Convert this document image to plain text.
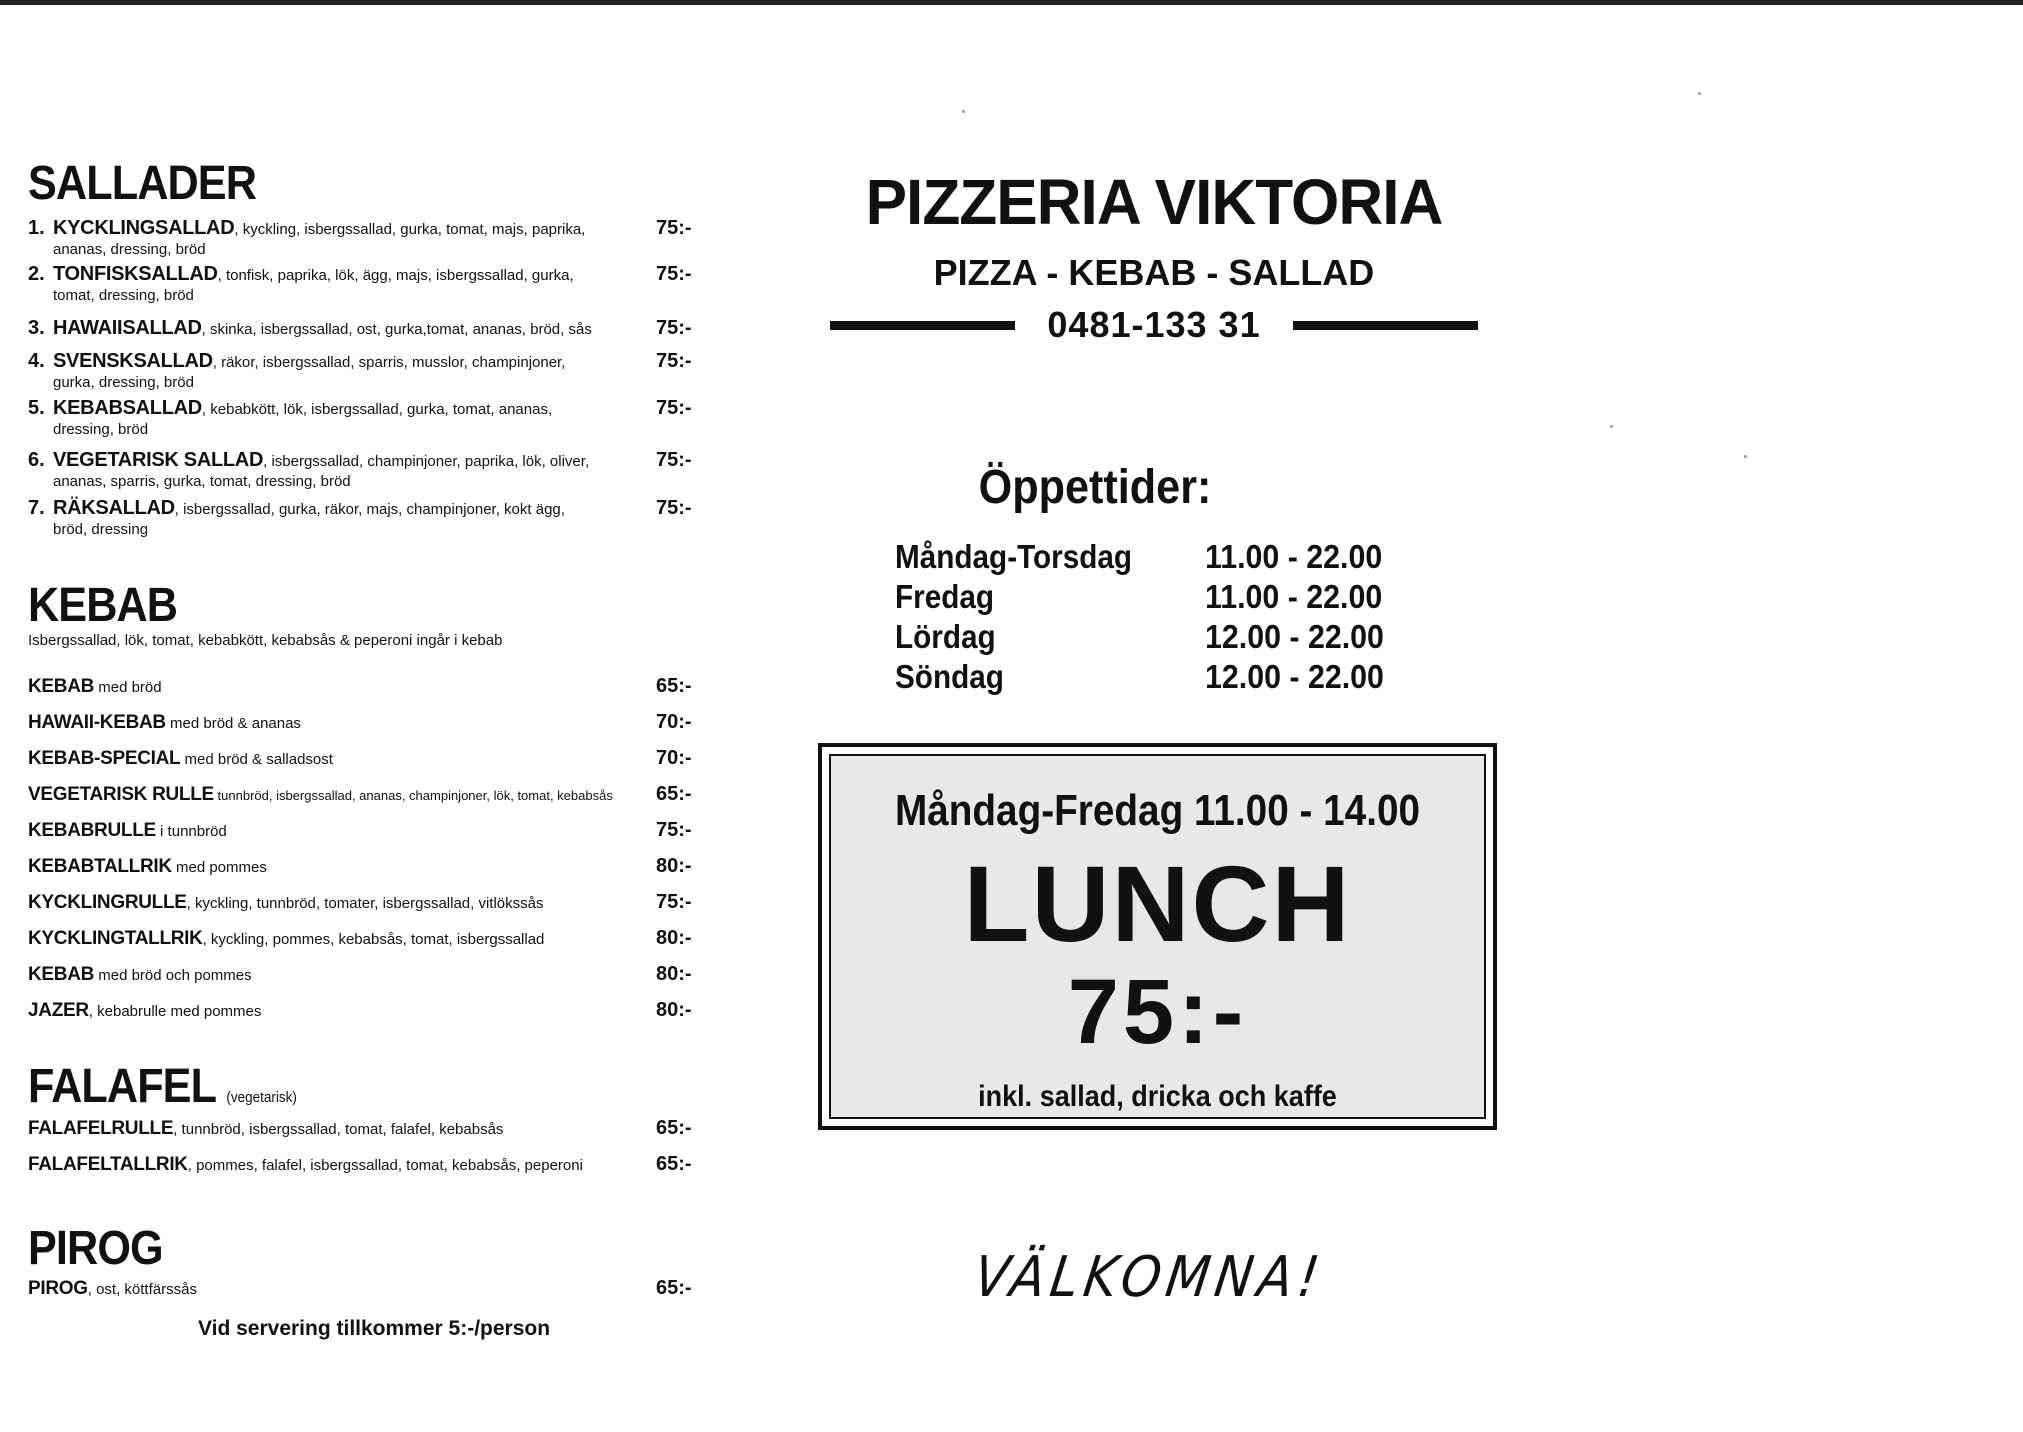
SALLADER
1. KYCKLINGSALLAD, kyckling, isbergssallad, gurka, tomat, majs, paprika,
ananas, dressing, bröd
75:-
2. TONFISKSALLAD, tonfisk, paprika, lök, ägg, majs, isbergssallad, gurka,
tomat, dressing, bröd
75:-
3. HAWAIISALLAD, skinka, isbergssallad, ost, gurka,tomat, ananas, bröd, sås	75:-
4. SVENSKSALLAD, räkor, isbergssallad, sparris, musslor, champinjoner,
gurka, dressing, bröd
75:-
5. KEBABSALLAD, kebabkött, lök, isbergssallad, gurka, tomat, ananas,
dressing, bröd
75:-
6. VEGETARISK SALLAD, isbergssallad, champinjoner, paprika, lök, oliver,
ananas, sparris, gurka, tomat, dressing, bröd
75:-
7. RÄKSALLAD, isbergssallad, gurka, räkor, majs, champinjoner, kokt ägg,
bröd, dressing
75:-
KEBAB
Isbergssallad, lök, tomat, kebabkött, kebabsås & peperoni ingår i kebab
KEBAB med bröd	65:-
HAWAII-KEBAB med bröd & ananas	70:-
KEBAB-SPECIAL med bröd & salladsost	70:-
VEGETARISK RULLE tunnbröd, isbergssallad, ananas, champinjoner, lök, tomat, kebabsås	65:-
KEBABRULLE i tunnbröd	75:-
KEBABTALLRIK med pommes	80:-
KYCKLINGRULLE, kyckling, tunnbröd, tomater, isbergssallad, vitlökssås	75:-
KYCKLINGTALLRIK, kyckling, pommes, kebabsås, tomat, isbergssallad	80:-
KEBAB med bröd och pommes	80:-
JAZER, kebabrulle med pommes	80:-
FALAFEL (vegetarisk)
FALAFELRULLE, tunnbröd, isbergssallad, tomat, falafel, kebabsås	65:-
FALAFELTALLRIK, pommes, falafel, isbergssallad, tomat, kebabsås, peperoni	65:-
PIROG
PIROG, ost, köttfärssås	65:-
Vid servering tillkommer 5:-/person
PIZZERIA VIKTORIA
PIZZA - KEBAB - SALLAD
0481-133 31
Öppettider:
Måndag-Torsdag	11.00 - 22.00
Fredag	11.00 - 22.00
Lördag	12.00 - 22.00
Söndag	12.00 - 22.00
Måndag-Fredag 11.00 - 14.00
LUNCH
75:-
inkl. sallad, dricka och kaffe
VÄLKOMNA!
